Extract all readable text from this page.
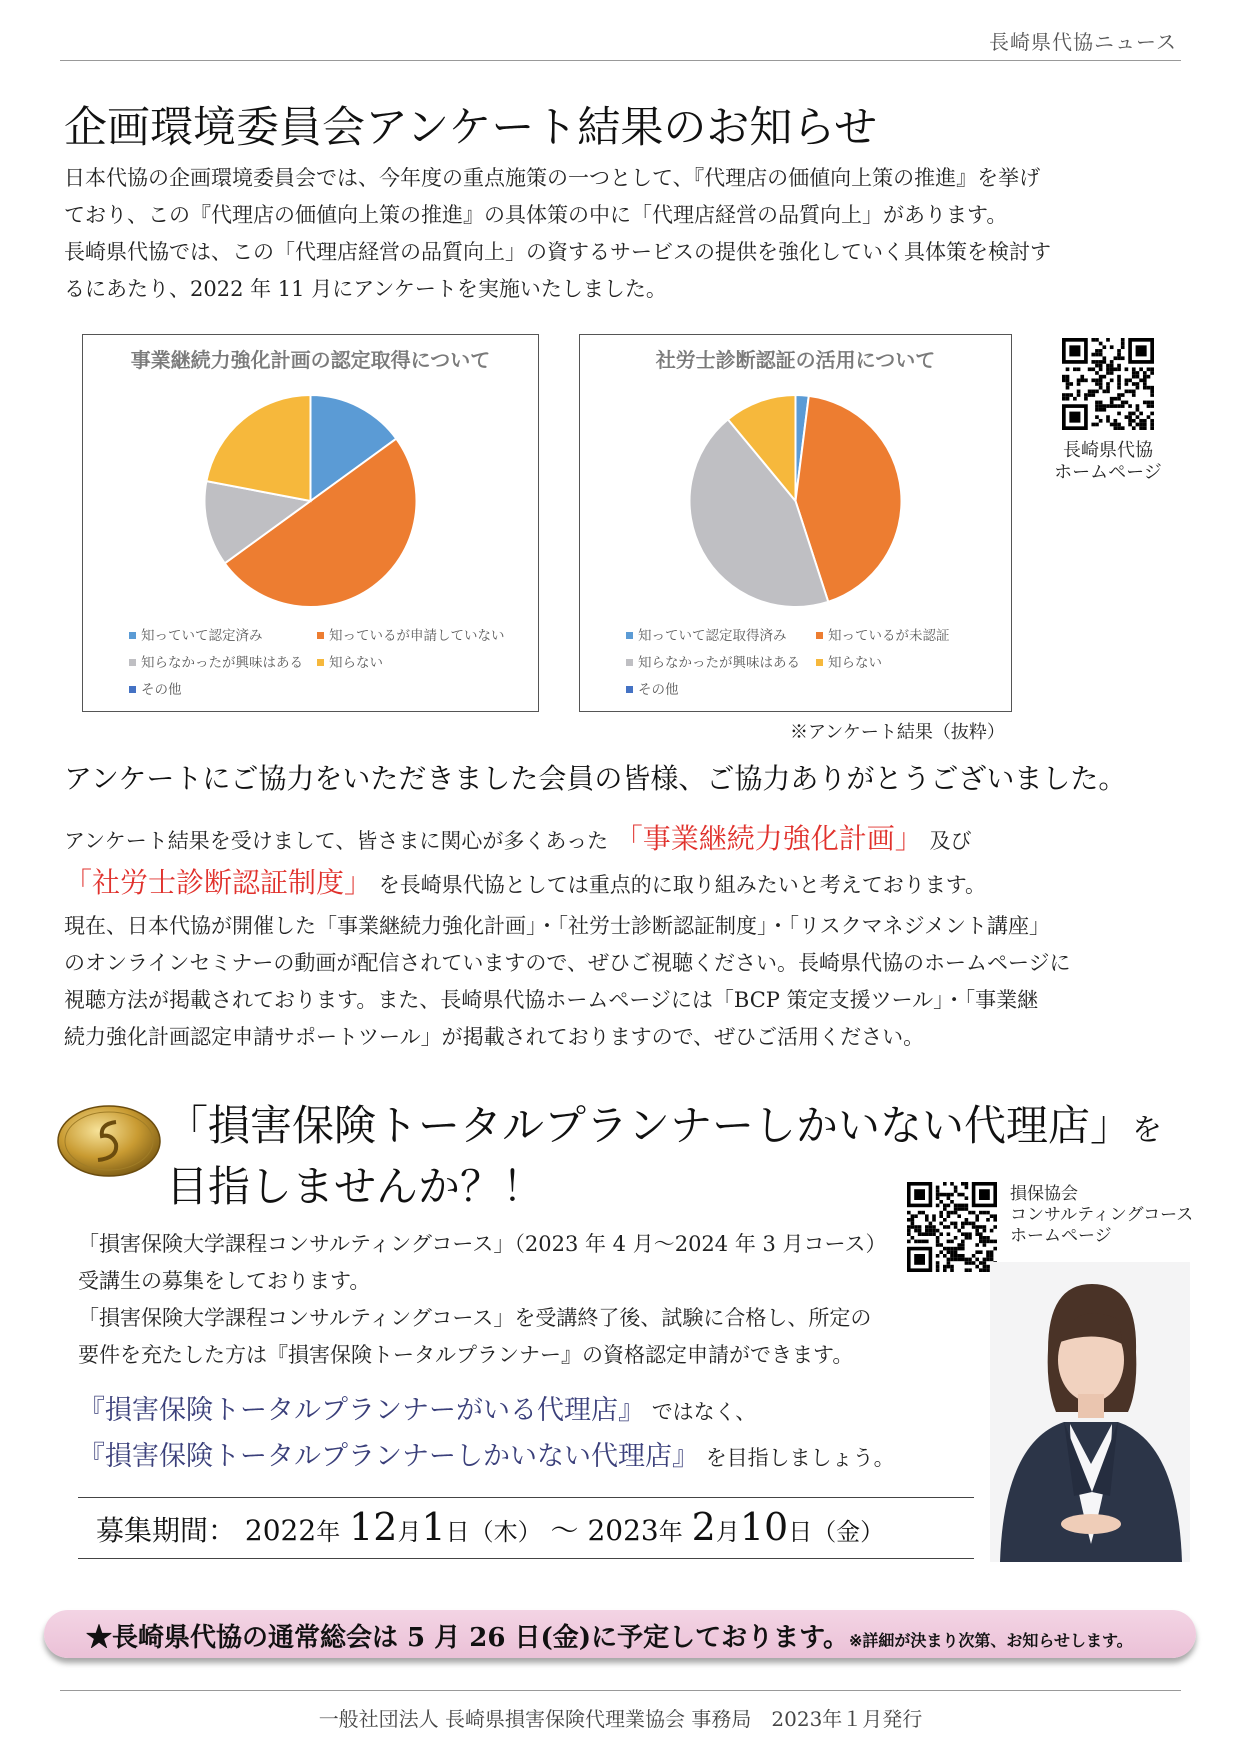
長崎県代協ニュース
企画環境委員会アンケート結果のお知らせ

日本代協の企画環境委員会では、今年度の重点施策の一つとして、『代理店の価値向上策の推進』を挙げ

ており、この『代理店の価値向上策の推進』の具体策の中に「代理店経営の品質向上」があります。

長崎県代協では、この「代理店経営の品質向上」の資するサービスの提供を強化していく具体策を検討す

るにあたり、2022 年 11 月にアンケートを実施いたしました。

事業継続力強化計画の認定取得について
知っていて認定済み	知っているが申請していない
知らなかったが興味はある 知らない
その他
社労士診断認証の活用について
知っていて認定取得済み	知っているが未認証
知らなかったが興味はある 知らない
その他
長崎県代協
ホームページ
※アンケート結果（抜粋）
アンケートにご協力をいただきました会員の皆様、ご協力ありがとうございました。

アンケート結果を受けまして、皆さまに関心が多くあった 「事業継続力強化計画」 及び

「社労士診断認証制度」 を長崎県代協としては重点的に取り組みたいと考えております。

現在、日本代協が開催した「事業継続力強化計画」・「社労士診断認証制度」・「リスクマネジメント講座」

のオンラインセミナーの動画が配信されていますので、ぜひご視聴ください。長崎県代協のホームページに

視聴方法が掲載されております。また、長崎県代協ホームページには「BCP 策定支援ツール」・「事業継

続力強化計画認定申請サポートツール」が掲載されておりますので、ぜひご活用ください。

「損害保険トータルプランナーしかいない代理店」を
目指しませんか？！	損保協会
コンサルティングコース
ホームページ

「損害保険大学課程コンサルティングコース」（2023 年 4 月～2024 年 3 月コース）

受講生の募集をしております。

「損害保険大学課程コンサルティングコース」を受講終了後、試験に合格し、所定の

要件を充たした方は『損害保険トータルプランナー』の資格認定申請ができます。

『損害保険トータルプランナーがいる代理店』 ではなく、
『損害保険トータルプランナーしかいない代理店』 を目指しましょう。
募集期間： 2022年 12月1日（木） ～ 2023年 2月10日（金）
★長崎県代協の通常総会は 5 月 26 日(金)に予定しております。※詳細が決まり次第、お知らせします。
一般社団法人 長崎県損害保険代理業協会 事務局　2023年１月発行
